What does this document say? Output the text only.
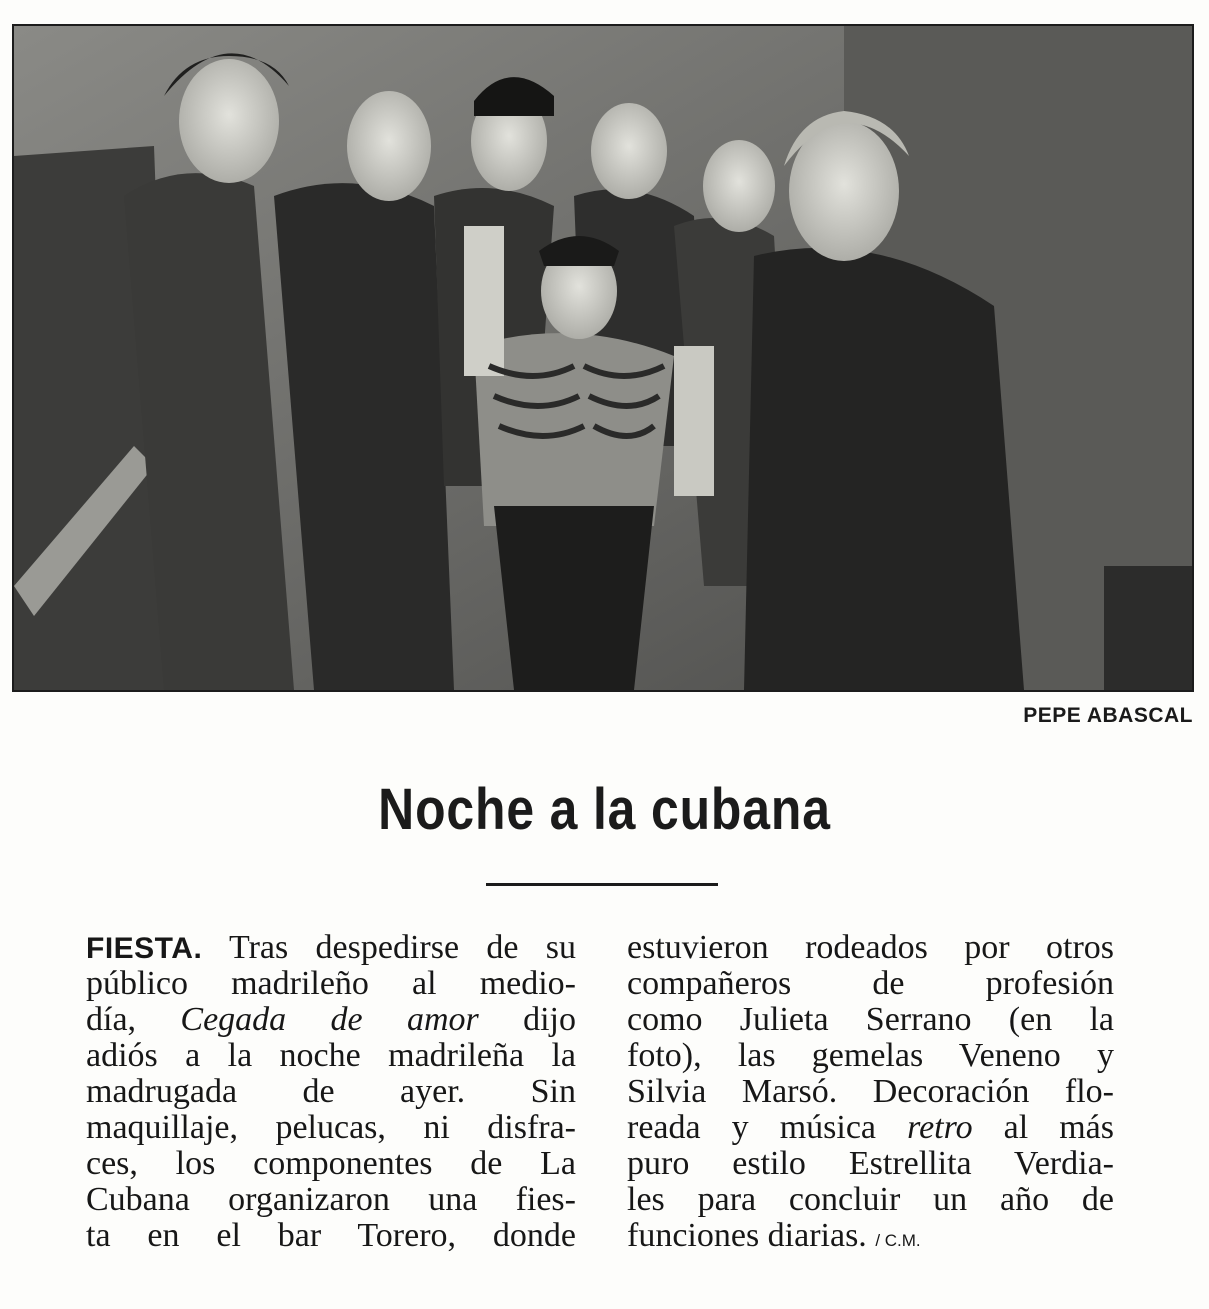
PEPE ABASCAL
Noche a la cubana
FIESTA. Tras despedirse de su
público madrileño al medio-
día, Cegada de amor dijo
adiós a la noche madrileña la
madrugada de ayer. Sin
maquillaje, pelucas, ni disfra-
ces, los componentes de La
Cubana organizaron una fies-
ta en el bar Torero, donde
estuvieron rodeados por otros
compañeros de profesión
como Julieta Serrano (en la
foto), las gemelas Veneno y
Silvia Marsó. Decoración flo-
reada y música retro al más
puro estilo Estrellita Verdia-
les para concluir un año de
funciones diarias. / C.M.
